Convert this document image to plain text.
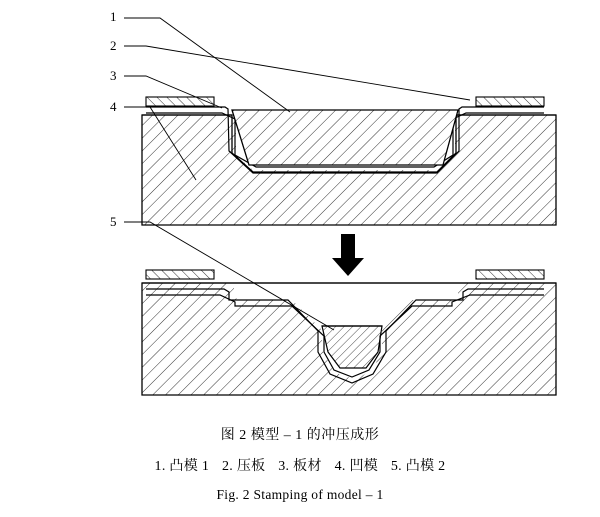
1
2
3
4
5
图 2 模型 – 1 的冲压成形
1. 凸模 1 2. 压板 3. 板材 4. 凹模 5. 凸模 2
Fig. 2 Stamping of model – 1
